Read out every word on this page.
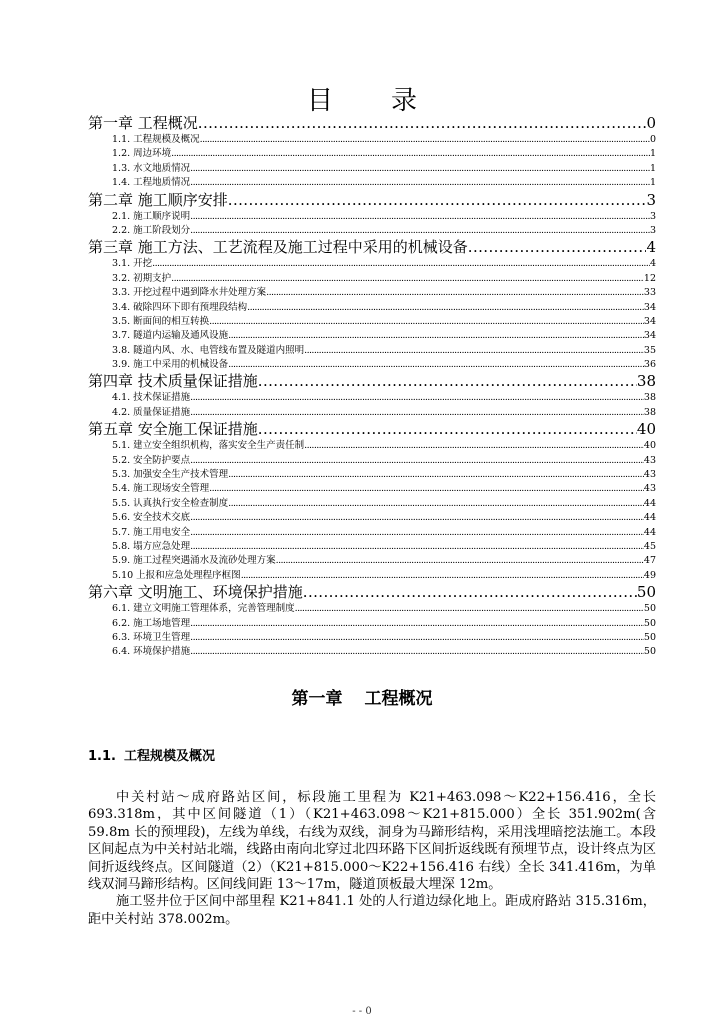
目录
第一章 工程概况 .....	0
1.1. 工程规模及概况 .....	0
1.2. 周边环境 .....	1
1.3. 水文地质情况 .....	1
1.4. 工程地质情况 .....	1
第二章 施工顺序安排 .....	3
2.1. 施工顺序说明 .....	3
2.2. 施工阶段划分 .....	3
第三章 施工方法、工艺流程及施工过程中采用的机械设备 .....	4
3.1. 开挖 .....	4
3.2. 初期支护 .....	12
3.3. 开挖过程中遇到降水井处理方案 .....	33
3.4. 破除四环下即有预埋段结构 .....	34
3.5. 断面间的相互转换 .....	34
3.7. 隧道内运输及通风设施 .....	34
3.8. 隧道内风、水、电管线布置及隧道内照明 .....	35
3.9. 施工中采用的机械设备 .....	36
第四章 技术质量保证措施 .....	38
4.1. 技术保证措施 .....	38
4.2. 质量保证措施 .....	38
第五章 安全施工保证措施 .....	40
5.1. 建立安全组织机构，落实安全生产责任制 .....	40
5.2. 安全防护要点 .....	43
5.3. 加强安全生产技术管理 .....	43
5.4. 施工现场安全管理 .....	43
5.5. 认真执行安全检查制度 .....	44
5.6. 安全技术交底 .....	44
5.7. 施工用电安全 .....	44
5.8. 塌方应急处理 .....	45
5.9. 施工过程突遇涌水及流砂处理方案 .....	47
5.10 上报和应急处理程序框图 .....	49
第六章 文明施工、环境保护措施 .....	50
6.1. 建立文明施工管理体系，完善管理制度 .....	50
6.2. 施工场地管理 .....	50
6.3. 环境卫生管理 .....	50
6.4. 环境保护措施 .....	50
第一章 工程概况
1.1. 工程规模及概况

中关村站～成府路站区间，标段施工里程为 K21+463.098～K22+156.416，全长 693.318m，其中区间隧道（1）（K21+463.098～K21+815.000）全长 351.902m(含 59.8m 长的预埋段)，左线为单线，右线为双线，洞身为马蹄形结构，采用浅埋暗挖法施工。本段区间起点为中关村站北端，线路由南向北穿过北四环路下区间折返线既有预埋节点，设计终点为区间折返线终点。区间隧道（2）（K21+815.000～K22+156.416 右线）全长 341.416m，为单线双洞马蹄形结构。区间线间距 13～17m，隧道顶板最大埋深 12m。

施工竖井位于区间中部里程 K21+841.1 处的人行道边绿化地上。距成府路站 315.316m，距中关村站 378.002m。

- - 0
